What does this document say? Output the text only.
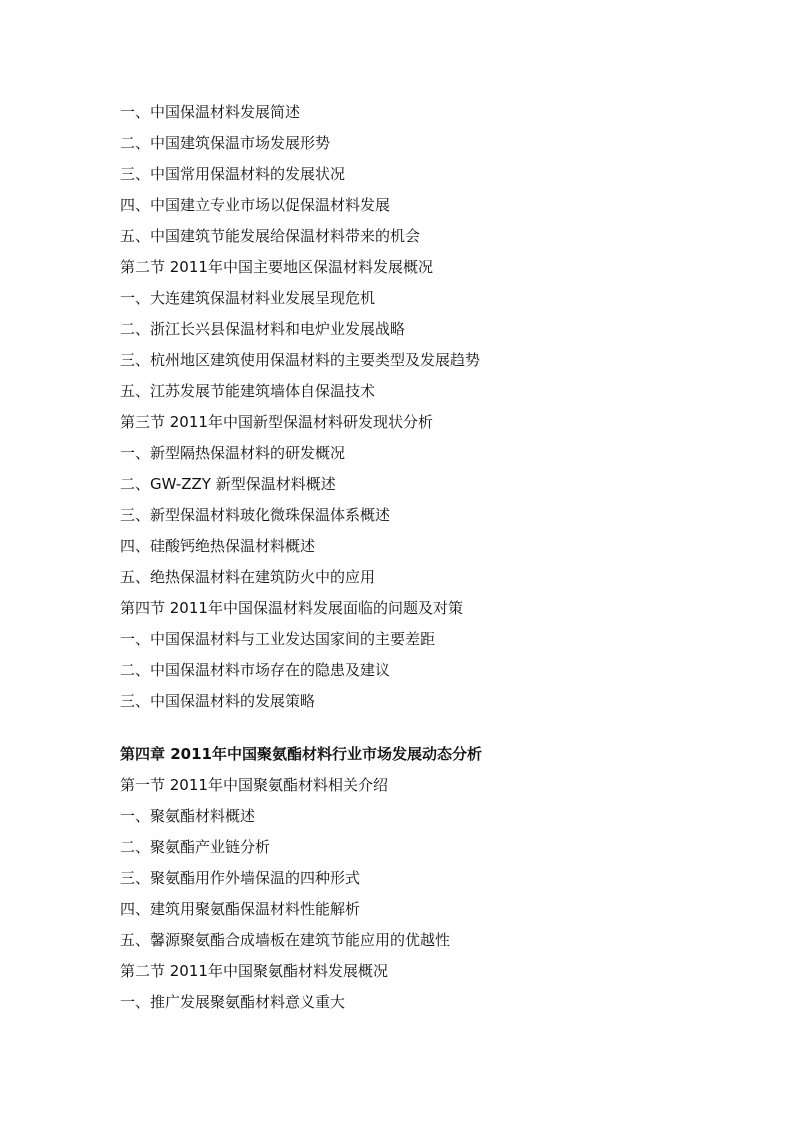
一、中国保温材料发展简述
二、中国建筑保温市场发展形势
三、中国常用保温材料的发展状况
四、中国建立专业市场以促保温材料发展
五、中国建筑节能发展给保温材料带来的机会
第二节 2011年中国主要地区保温材料发展概况
一、大连建筑保温材料业发展呈现危机
二、浙江长兴县保温材料和电炉业发展战略
三、杭州地区建筑使用保温材料的主要类型及发展趋势
五、江苏发展节能建筑墙体自保温技术
第三节 2011年中国新型保温材料研发现状分析
一、新型隔热保温材料的研发概况
二、GW-ZZY 新型保温材料概述
三、新型保温材料玻化微珠保温体系概述
四、硅酸钙绝热保温材料概述
五、绝热保温材料在建筑防火中的应用
第四节 2011年中国保温材料发展面临的问题及对策
一、中国保温材料与工业发达国家间的主要差距
二、中国保温材料市场存在的隐患及建议
三、中国保温材料的发展策略
第四章 2011年中国聚氨酯材料行业市场发展动态分析
第一节 2011年中国聚氨酯材料相关介绍
一、聚氨酯材料概述
二、聚氨酯产业链分析
三、聚氨酯用作外墙保温的四种形式
四、建筑用聚氨酯保温材料性能解析
五、馨源聚氨酯合成墙板在建筑节能应用的优越性
第二节 2011年中国聚氨酯材料发展概况
一、推广发展聚氨酯材料意义重大
